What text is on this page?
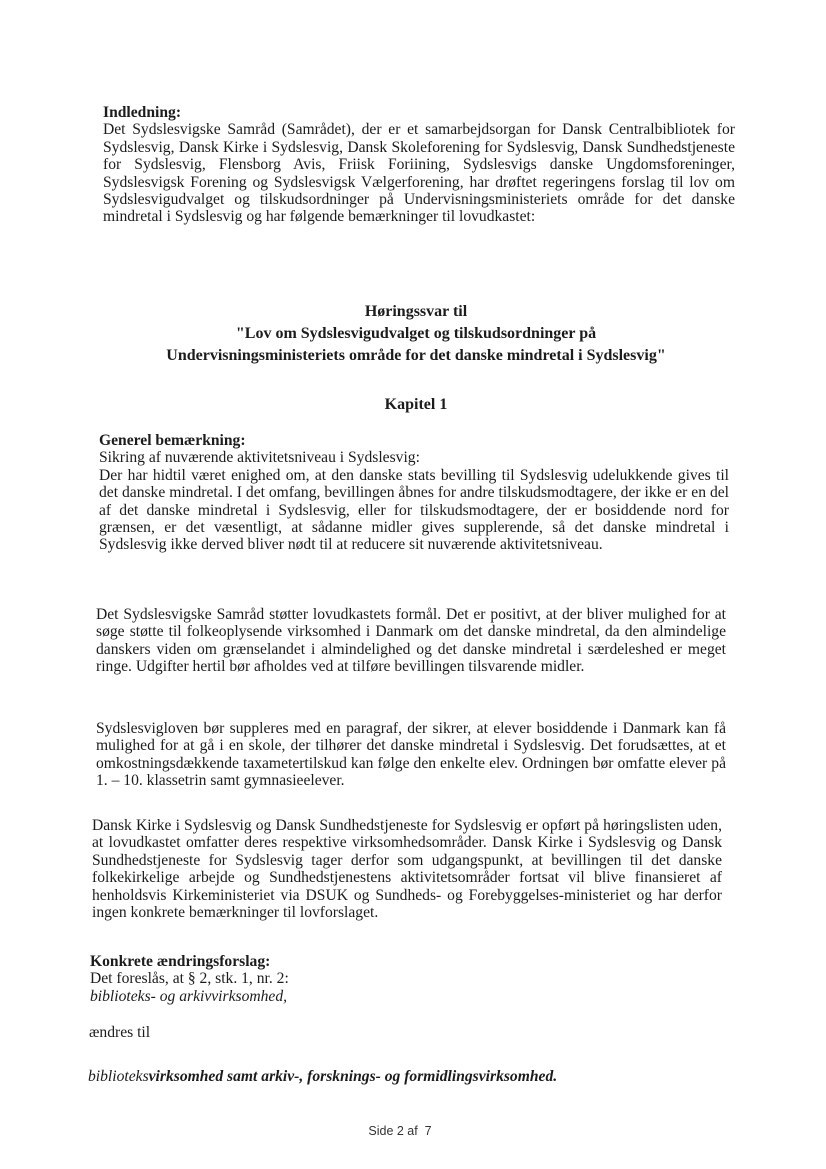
Indledning:
Det Sydslesvigske Samråd (Samrådet), der er et samarbejdsorgan for Dansk Centralbibliotek for Sydslesvig, Dansk Kirke i Sydslesvig, Dansk Skoleforening for Sydslesvig, Dansk Sundhedstjeneste for Sydslesvig, Flensborg Avis, Friisk Foriining, Sydslesvigs danske Ungdomsforeninger, Sydslesvigsk Forening og Sydslesvigsk Vælgerforening, har drøftet regeringens forslag til lov om Sydslesvigudvalget og tilskudsordninger på Undervisningsministeriets område for det danske mindretal i Sydslesvig og har følgende bemærkninger til lovudkastet:
Høringssvar til
"Lov om Sydslesvigudvalget og tilskudsordninger på
Undervisningsministeriets område for det danske mindretal i Sydslesvig"
Kapitel 1
Generel bemærkning:
Sikring af nuværende aktivitetsniveau i Sydslesvig:
Der har hidtil været enighed om, at den danske stats bevilling til Sydslesvig udelukkende gives til det danske mindretal. I det omfang, bevillingen åbnes for andre tilskudsmodtagere, der ikke er en del af det danske mindretal i Sydslesvig, eller for tilskudsmodtagere, der er bosiddende nord for grænsen, er det væsentligt, at sådanne midler gives supplerende, så det danske mindretal i Sydslesvig ikke derved bliver nødt til at reducere sit nuværende aktivitetsniveau.
Det Sydslesvigske Samråd støtter lovudkastets formål. Det er positivt, at der bliver mulighed for at søge støtte til folkeoplysende virksomhed i Danmark om det danske mindretal, da den almindelige danskers viden om grænselandet i almindelighed og det danske mindretal i særdeleshed er meget ringe. Udgifter hertil bør afholdes ved at tilføre bevillingen tilsvarende midler.
Sydslesvigloven bør suppleres med en paragraf, der sikrer, at elever bosiddende i Danmark kan få mulighed for at gå i en skole, der tilhører det danske mindretal i Sydslesvig. Det forudsættes, at et omkostningsdækkende taxametertilskud kan følge den enkelte elev. Ordningen bør omfatte elever på 1. – 10. klassetrin samt gymnasieelever.
Dansk Kirke i Sydslesvig og Dansk Sundhedstjeneste for Sydslesvig er opført på høringslisten uden, at lovudkastet omfatter deres respektive virksomhedsområder. Dansk Kirke i Sydslesvig og Dansk Sundhedstjeneste for Sydslesvig tager derfor som udgangspunkt, at bevillingen til det danske folkekirkelige arbejde og Sundhedstjenestens aktivitetsområder fortsat vil blive finansieret af henholdsvis Kirkeministeriet via DSUK og Sundheds- og Forebyggelses-ministeriet og har derfor ingen konkrete bemærkninger til lovforslaget.
Konkrete ændringsforslag:
Det foreslås, at § 2, stk. 1, nr. 2:
biblioteks- og arkivvirksomhed,
ændres til
biblioteksvirksomhed samt arkiv-, forsknings- og formidlingsvirksomhed.
Side 2 af  7
